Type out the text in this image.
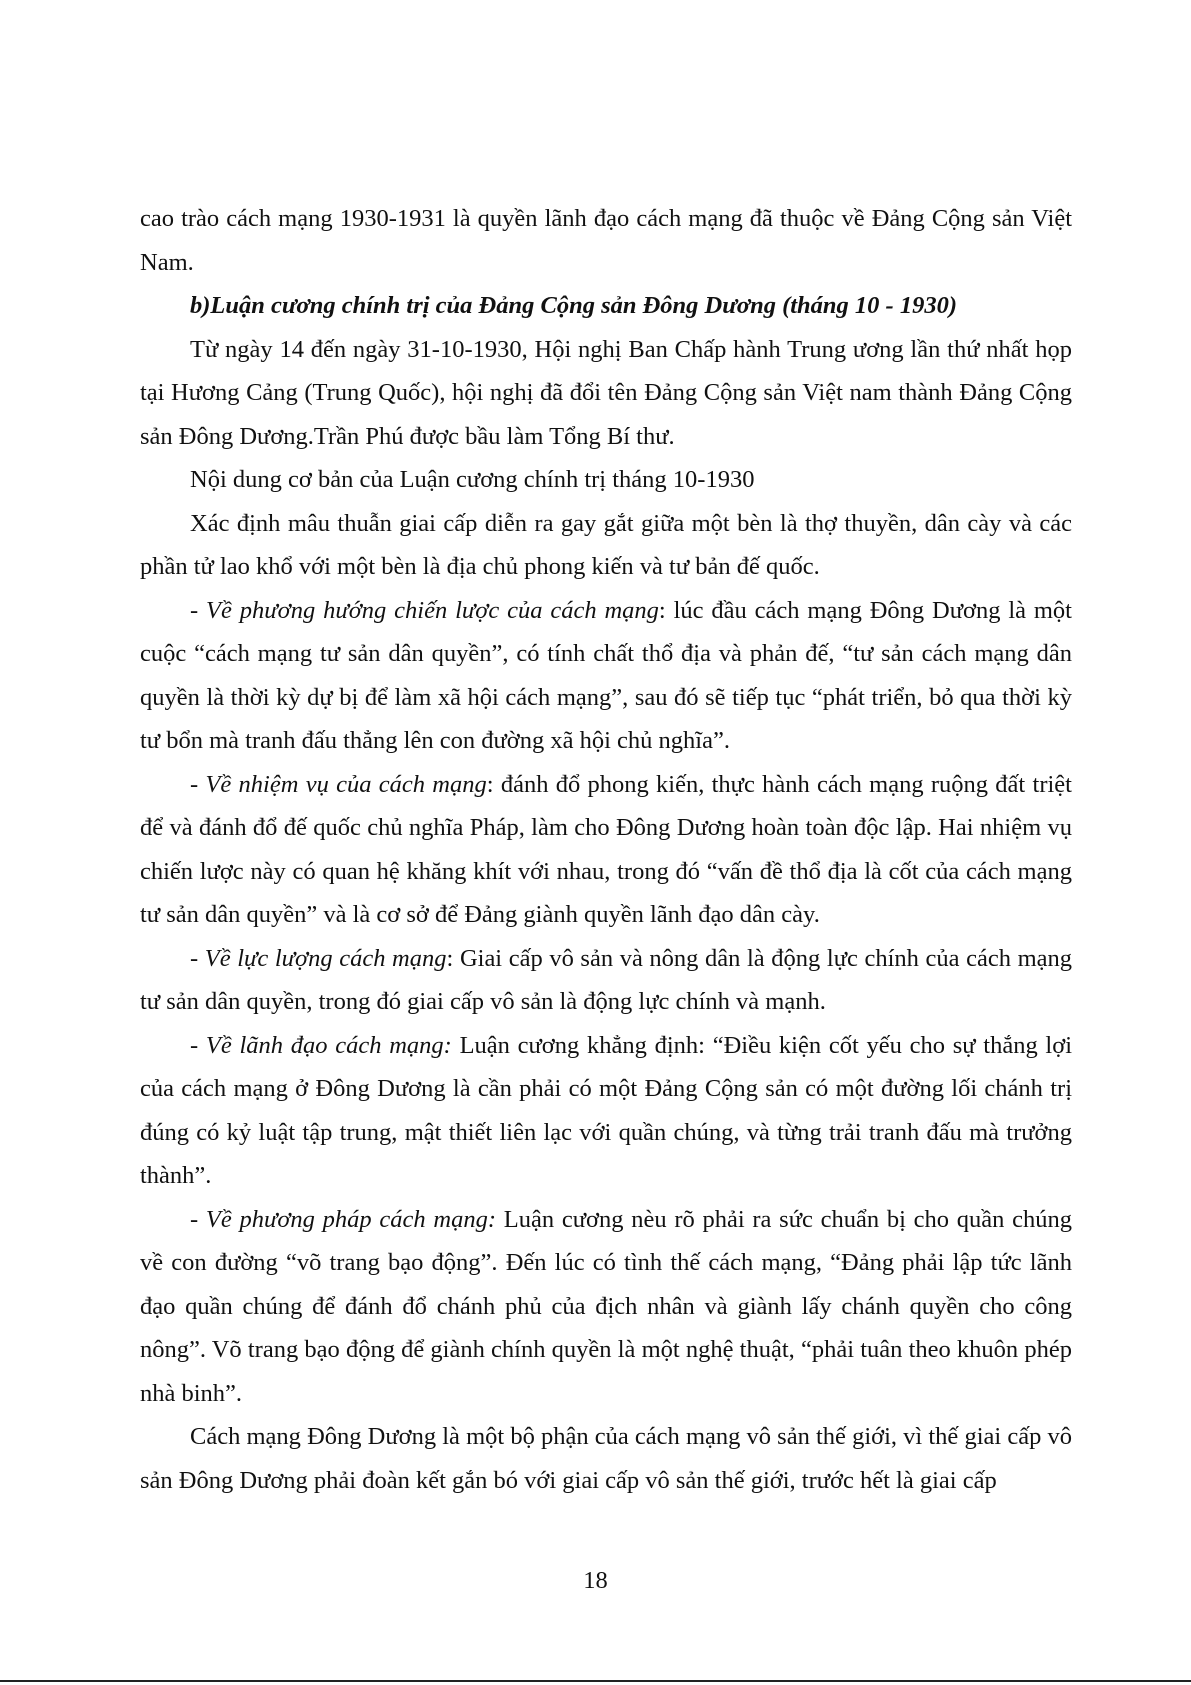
cao trào cách mạng 1930-1931 là quyền lãnh đạo cách mạng đã thuộc về Đảng Cộng sản Việt Nam.

b)Luận cương chính trị của Đảng Cộng sản Đông Dương (tháng 10 - 1930)

Từ ngày 14 đến ngày 31-10-1930, Hội nghị Ban Chấp hành Trung ương lần thứ nhất họp tại Hương Cảng (Trung Quốc), hội nghị đã đổi tên Đảng Cộng sản Việt nam thành Đảng Cộng sản Đông Dương.Trần Phú được bầu làm Tổng Bí thư.

Nội dung cơ bản của Luận cương chính trị tháng 10-1930

Xác định mâu thuẫn giai cấp diễn ra gay gắt giữa một bèn là thợ thuyền, dân cày và các phần tử lao khổ với một bèn là địa chủ phong kiến và tư bản đế quốc.

- Về phương hướng chiến lược của cách mạng: lúc đầu cách mạng Đông Dương là một cuộc “cách mạng tư sản dân quyền”, có tính chất thổ địa và phản đế, “tư sản cách mạng dân quyền là thời kỳ dự bị để làm xã hội cách mạng”, sau đó sẽ tiếp tục “phát triển, bỏ qua thời kỳ tư bổn mà tranh đấu thẳng lên con đường xã hội chủ nghĩa”.

- Về nhiệm vụ của cách mạng: đánh đổ phong kiến, thực hành cách mạng ruộng đất triệt để và đánh đổ đế quốc chủ nghĩa Pháp, làm cho Đông Dương hoàn toàn độc lập. Hai nhiệm vụ chiến lược này có quan hệ khăng khít với nhau, trong đó “vấn đề thổ địa là cốt của cách mạng tư sản dân quyền” và là cơ sở để Đảng giành quyền lãnh đạo dân cày.

- Về lực lượng cách mạng: Giai cấp vô sản và nông dân là động lực chính của cách mạng tư sản dân quyền, trong đó giai cấp vô sản là động lực chính và mạnh.

- Về lãnh đạo cách mạng: Luận cương khẳng định: “Điều kiện cốt yếu cho sự thắng lợi của cách mạng ở Đông Dương là cần phải có một Đảng Cộng sản có một đường lối chánh trị đúng có kỷ luật tập trung, mật thiết liên lạc với quần chúng, và từng trải tranh đấu mà trưởng thành”.

- Về phương pháp cách mạng: Luận cương nèu rõ phải ra sức chuẩn bị cho quần chúng về con đường “võ trang bạo động”. Đến lúc có tình thế cách mạng, “Đảng phải lập tức lãnh đạo quần chúng để đánh đổ chánh phủ của địch nhân và giành lấy chánh quyền cho công nông”. Võ trang bạo động để giành chính quyền là một nghệ thuật, “phải tuân theo khuôn phép nhà binh”.

Cách mạng Đông Dương là một bộ phận của cách mạng vô sản thế giới, vì thế giai cấp vô sản Đông Dương phải đoàn kết gắn bó với giai cấp vô sản thế giới, trước hết là giai cấp

18
